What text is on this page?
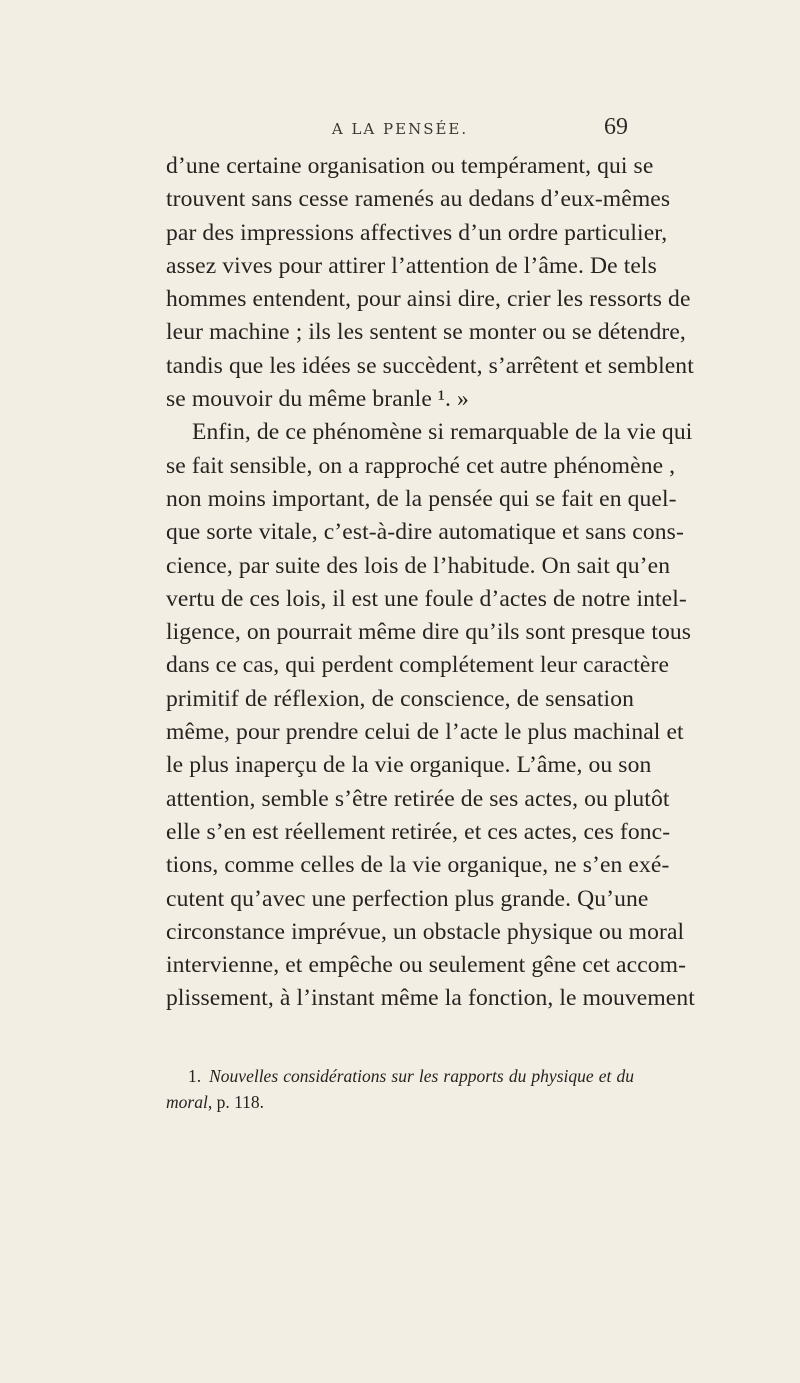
A LA PENSÉE.	69
d’une certaine organisation ou tempérament, qui se
trouvent sans cesse ramenés au dedans d’eux-mêmes
par des impressions affectives d’un ordre particulier,
assez vives pour attirer l’attention de l’âme. De tels
hommes entendent, pour ainsi dire, crier les ressorts de
leur machine ; ils les sentent se monter ou se détendre,
tandis que les idées se succèdent, s’arrêtent et semblent
se mouvoir du même branle ¹. »
Enfin, de ce phénomène si remarquable de la vie qui
se fait sensible, on a rapproché cet autre phénomène ,
non moins important, de la pensée qui se fait en quel-
que sorte vitale, c’est-à-dire automatique et sans cons-
cience, par suite des lois de l’habitude. On sait qu’en
vertu de ces lois, il est une foule d’actes de notre intel-
ligence, on pourrait même dire qu’ils sont presque tous
dans ce cas, qui perdent complétement leur caractère
primitif de réflexion, de conscience, de sensation
même, pour prendre celui de l’acte le plus machinal et
le plus inaperçu de la vie organique. L’âme, ou son
attention, semble s’être retirée de ses actes, ou plutôt
elle s’en est réellement retirée, et ces actes, ces fonc-
tions, comme celles de la vie organique, ne s’en exé-
cutent qu’avec une perfection plus grande. Qu’une
circonstance imprévue, un obstacle physique ou moral
intervienne, et empêche ou seulement gêne cet accom-
plissement, à l’instant même la fonction, le mouvement
1. Nouvelles considérations sur les rapports du physique et du
moral, p. 118.
